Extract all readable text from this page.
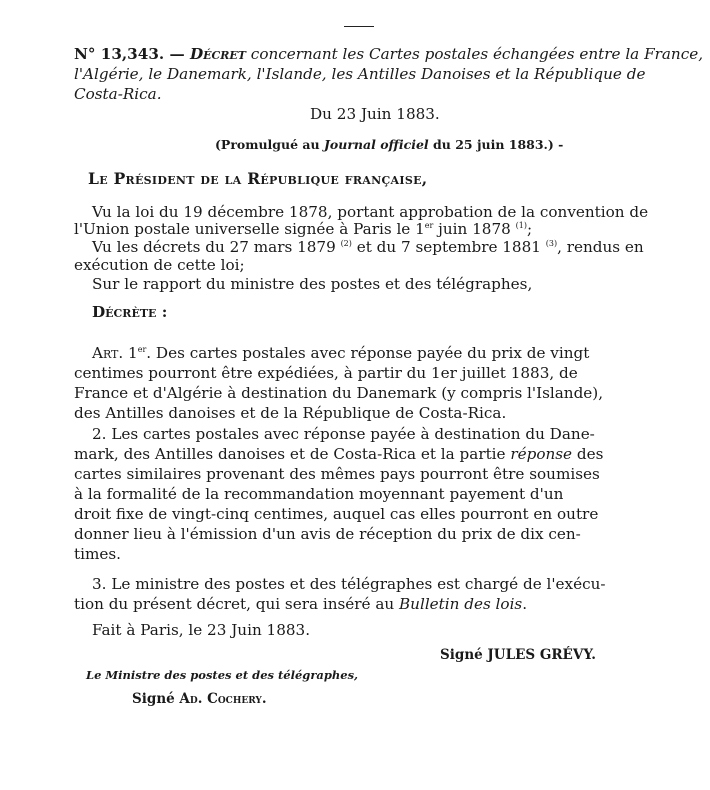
N° 13,343. — Décret concernant les Cartes postales échangées entre la France,
l'Algérie, le Danemark, l'Islande, les Antilles Danoises et la République de
Costa-Rica.
Du 23 Juin 1883.
(Promulgué au Journal officiel du 25 juin 1883.) -
Le Président de la République française,
Vu la loi du 19 décembre 1878, portant approbation de la convention de
l'Union postale universelle signée à Paris le 1er juin 1878 $^{(1)}$;
Vu les décrets du 27 mars 1879 $^{(2)}$ et du 7 septembre 1881 $^{(3)}$, rendus en
exécution de cette loi;
Sur le rapport du ministre des postes et des télégraphes,
Décrète :
Art. 1er. Des cartes postales avec réponse payée du prix de vingt
centimes pourront être expédiées, à partir du 1er juillet 1883, de
France et d'Algérie à destination du Danemark (y compris l'Islande),
des Antilles danoises et de la République de Costa-Rica.
2. Les cartes postales avec réponse payée à destination du Dane-
mark, des Antilles danoises et de Costa-Rica et la partie réponse des
cartes similaires provenant des mêmes pays pourront être soumises
à la formalité de la recommandation moyennant payement d'un
droit fixe de vingt-cinq centimes, auquel cas elles pourront en outre
donner lieu à l'émission d'un avis de réception du prix de dix cen-
times.
3. Le ministre des postes et des télégraphes est chargé de l'exécu-
tion du présent décret, qui sera inséré au Bulletin des lois.
Fait à Paris, le 23 Juin 1883.
Signé JULES GRÉVY.
Le Ministre des postes et des télégraphes,
Signé Ad. Cochery.
